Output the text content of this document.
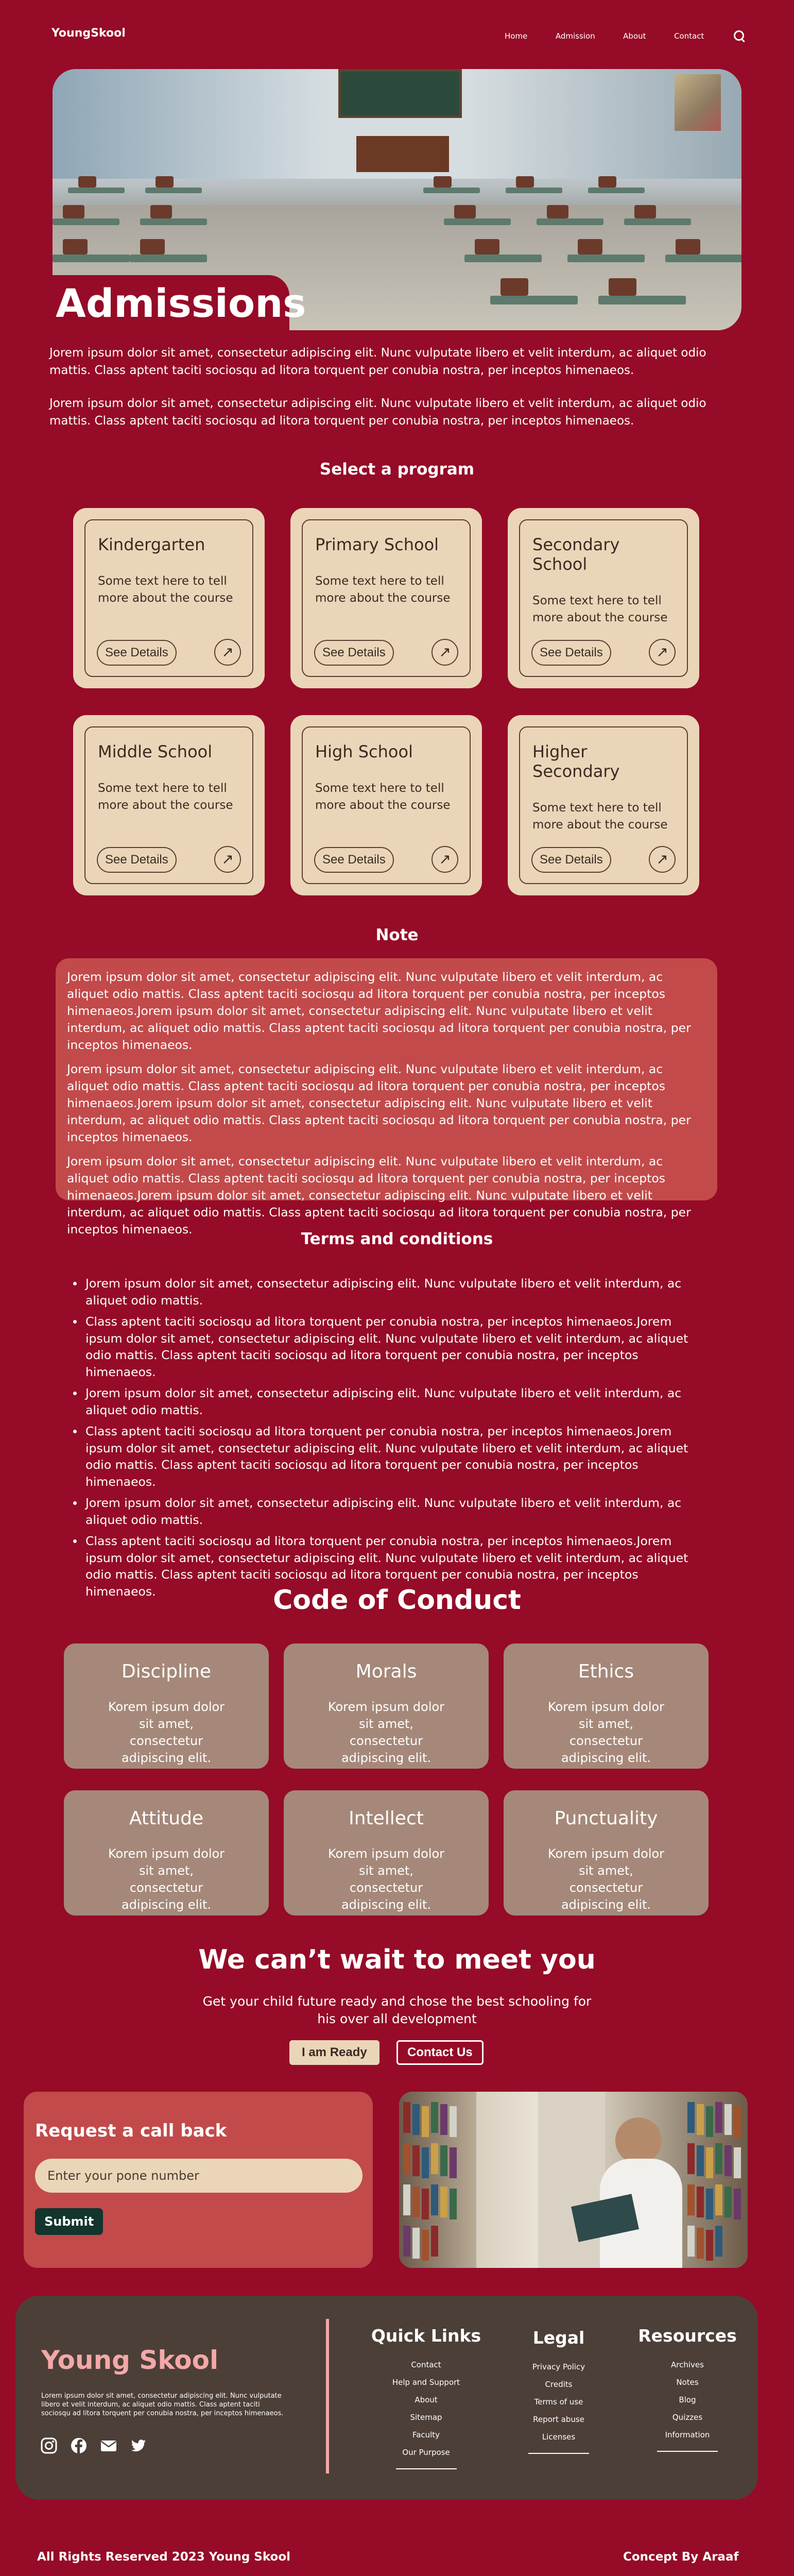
YoungSkool	Home	Admission	About	Contact
Admissions

Jorem ipsum dolor sit amet, consectetur adipiscing elit. Nunc vulputate libero et velit interdum, ac aliquet odio mattis. Class aptent taciti sociosqu ad litora torquent per conubia nostra, per inceptos himenaeos.

Jorem ipsum dolor sit amet, consectetur adipiscing elit. Nunc vulputate libero et velit interdum, ac aliquet odio mattis. Class aptent taciti sociosqu ad litora torquent per conubia nostra, per inceptos himenaeos.

Select a program
Kindergarten
Some text here to tell more about the course
See Details	↗
Primary School
Some text here to tell more about the course
See Details	↗
Secondary School
Some text here to tell more about the course
See Details	↗
Middle School
Some text here to tell more about the course
See Details	↗
High School
Some text here to tell more about the course
See Details	↗
Higher Secondary
Some text here to tell more about the course
See Details	↗
Note

Jorem ipsum dolor sit amet, consectetur adipiscing elit. Nunc vulputate libero et velit interdum, ac aliquet odio mattis. Class aptent taciti sociosqu ad litora torquent per conubia nostra, per inceptos himenaeos.Jorem ipsum dolor sit amet, consectetur adipiscing elit. Nunc vulputate libero et velit interdum, ac aliquet odio mattis. Class aptent taciti sociosqu ad litora torquent per conubia nostra, per inceptos himenaeos.

Jorem ipsum dolor sit amet, consectetur adipiscing elit. Nunc vulputate libero et velit interdum, ac aliquet odio mattis. Class aptent taciti sociosqu ad litora torquent per conubia nostra, per inceptos himenaeos.Jorem ipsum dolor sit amet, consectetur adipiscing elit. Nunc vulputate libero et velit interdum, ac aliquet odio mattis. Class aptent taciti sociosqu ad litora torquent per conubia nostra, per inceptos himenaeos.

Jorem ipsum dolor sit amet, consectetur adipiscing elit. Nunc vulputate libero et velit interdum, ac aliquet odio mattis. Class aptent taciti sociosqu ad litora torquent per conubia nostra, per inceptos himenaeos.Jorem ipsum dolor sit amet, consectetur adipiscing elit. Nunc vulputate libero et velit interdum, ac aliquet odio mattis. Class aptent taciti sociosqu ad litora torquent per conubia nostra, per inceptos himenaeos.

Terms and conditions
Jorem ipsum dolor sit amet, consectetur adipiscing elit. Nunc vulputate libero et velit interdum, ac aliquet odio mattis.
Class aptent taciti sociosqu ad litora torquent per conubia nostra, per inceptos himenaeos.Jorem ipsum dolor sit amet, consectetur adipiscing elit. Nunc vulputate libero et velit interdum, ac aliquet odio mattis. Class aptent taciti sociosqu ad litora torquent per conubia nostra, per inceptos himenaeos.
Jorem ipsum dolor sit amet, consectetur adipiscing elit. Nunc vulputate libero et velit interdum, ac aliquet odio mattis.
Class aptent taciti sociosqu ad litora torquent per conubia nostra, per inceptos himenaeos.Jorem ipsum dolor sit amet, consectetur adipiscing elit. Nunc vulputate libero et velit interdum, ac aliquet odio mattis. Class aptent taciti sociosqu ad litora torquent per conubia nostra, per inceptos himenaeos.
Jorem ipsum dolor sit amet, consectetur adipiscing elit. Nunc vulputate libero et velit interdum, ac aliquet odio mattis.
Class aptent taciti sociosqu ad litora torquent per conubia nostra, per inceptos himenaeos.Jorem ipsum dolor sit amet, consectetur adipiscing elit. Nunc vulputate libero et velit interdum, ac aliquet odio mattis. Class aptent taciti sociosqu ad litora torquent per conubia nostra, per inceptos himenaeos.	Code of Conduct
Discipline
Korem ipsum dolor sit amet, consectetur adipiscing elit.
Morals
Korem ipsum dolor sit amet, consectetur adipiscing elit.
Ethics
Korem ipsum dolor sit amet, consectetur adipiscing elit.
Attitude
Korem ipsum dolor sit amet, consectetur adipiscing elit.
Intellect
Korem ipsum dolor sit amet, consectetur adipiscing elit.
Punctuality
Korem ipsum dolor sit amet, consectetur adipiscing elit.
We can’t wait to meet you
Get your child future ready and chose the best schooling for his over all development
I am Ready	Contact Us
Request a call back
Enter your pone number
Submit
Young Skool
Lorem ipsum dolor sit amet, consectetur adipiscing elit. Nunc vulputate libero et velit interdum, ac aliquet odio mattis. Class aptent taciti sociosqu ad litora torquent per conubia nostra, per inceptos himenaeos.
Quick Links
Contact
Help and Support
About
Sitemap
Faculty
Our Purpose
Legal
Privacy Policy
Credits
Terms of use
Report abuse
Licenses
Resources
Archives
Notes
Blog
Quizzes
Information
All Rights Reserved 2023 Young Skool	Concept By Araaf
